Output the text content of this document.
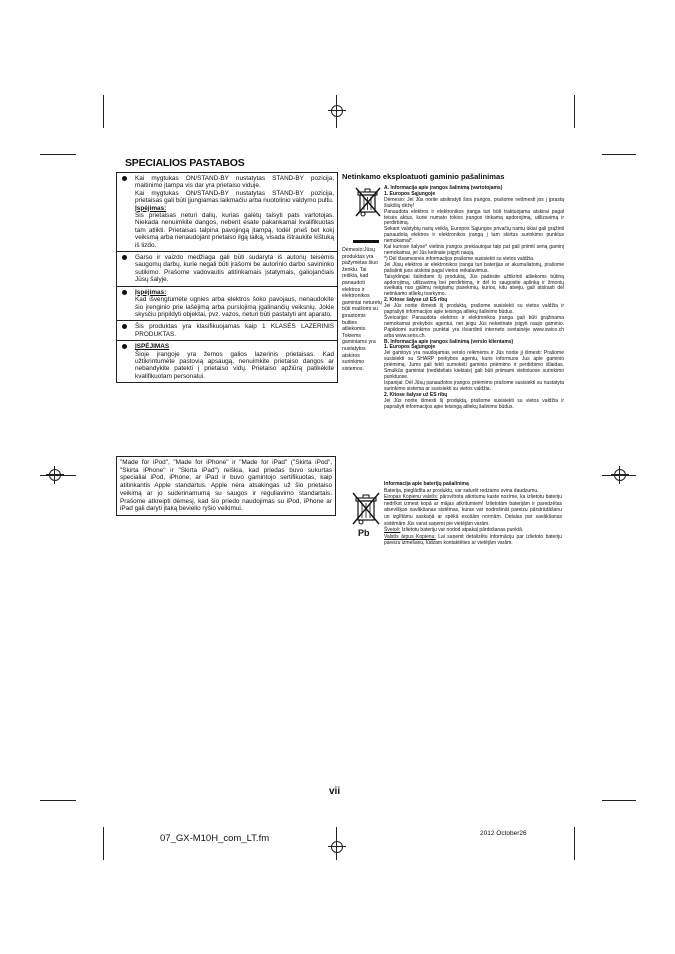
SPECIALIOS PASTABOS

Kai mygtukas ON/STAND-BY nustatytas STAND-BY pozicija, maitinimo įtampa vis dar yra prietaiso viduje.

Kai mygtukas ON/STAND-BY nustatytas STAND-BY pozicija, prietaisas gali būti įjungiamas laikmačiu arba nuotolinio valdymo pultu.

Įspėjimas:

Šis prietaisas neturi dalių, kurias galėtų taisyti pats vartotojas. Niekada nenuimkite dangos, nebent esate pakankamai kvalifikuotas tam atlikti. Prietaisas talpina pavojingą įtampą, todėl prieš bet kokį veiksmą arba nenaudojant prietaiso ilgą laiką, visada ištraukite kištuką iš lizdo.

Garso ir vaizdo medžiaga gali būti sudaryta iš autorių teisėmis saugomų darbų, kurie negali būti įrašomi be autorinio darbo savininko sutikimo. Prašome vadovautis atitinkamais įstatymais, galiojančiais Jūsų šalyje.

Įspėjimas:

Kad išvengtumėte ugnies arba elektros šoko pavojaus, nenaudokite šio įrenginio prie lašėjimą arba purslojimą įgalinančių veiksnių. Jokie skysčiu pripildyti objektai, pvz. vazos, neturi būti pastatyti ant aparato.

Šis produktas yra klasifikuojamas kaip 1 KLASĖS LAZERINIS PRODUKTAS.

ĮSPĖJIMAS

Šioje įrangoje yra žemos galios lazerinis prietaisas. Kad užtikrintumėte pastovią apsaugą, nenuimkite prietaiso dangos ar nebandykite patekti į prietaiso vidų. Prietaiso apžiūrą patikėkite kvalifikuotam personalui.

"Made for iPod", "Made for iPhone" ir "Made for iPad" ("Skirta iPod", "Skirta iPhone" ir "Skirta iPad") reiškia, kad priedas buvo sukurtas specialiai iPod, iPhone, ar iPad ir buvo gamintojo sertifikuotas, kaip atitinkantis Apple standartus. Apple nėra atsakingas už šio prietaiso veikimą ar jo suderinamumą su saugos ir reguliavimo standartais. Prašome atkreipti dėmesį, kad šio priedo naudojimas su iPod, iPhone ar iPad gali daryti įtaką bevielio ryšio veikimui.
Netinkamo eksploatuoti gaminio pašalinimas
Dėmesio:Jūsų produktas yra pažymėtas šiuo ženklu. Tai reiškia, kad panaudoti elektros ir elektronikos gaminiai neturėtų būti maišomi su įprastomis buities atliekomis. Tokiems gaminiams yra nustatytos atskiros surinkimo sistemos.

A. Informacija apie įrangos šalinimą (vartotojams)

1. Europos Sąjungoje

Dėmesio: Jei Jūs norite atsikratyti šios įrangos, prašome nešmesti jos į įprastą šiukšlių dėžę!

Panaudota elektros ir elektronikos įranga turi būti traktuojama atskirai pagal teisės aktus, kurie numato tokios įrangos tinkamą apdorojimą, utilizavimą ir perdirbimą.

Sekant valstybių narių veiklą, Europos Sąjungos privačių namų ūkiai gali grąžinti panaudotą elektros ir elektronikos įrangą į tam skirtus surinkimo punktus nemokamai*.

Kai kuriosė šalyse* vietinis įrangos prekiautojas taip pat gali priimti seną gaminį nemokamai, jei Jūs ketinate įsigyti naują.

*) Dėl išsamesnės informacijos prašome susisiekti su vietos valdžia.

Jei Jūsų elektros ar elektronikos įranga turi baterijas ar akumuliatorių, prašome pašalinti juos atskirai pagal vietos reikalavimus.

Taisyklingai šalindami šį produktą, Jūs padėsite užtikrinti atliekoms būtiną apdorojimą, utilizavimą bei perdirbimą, ir dėl to saugosite aplinką ir žmonių sveikatą nuo galimų neigiamų pasekmių, kurios, kitu atveju, gali atsirasti dėl netinkamo atliekų tvarkymo.

2. Kitose šalyse už ES ribų

Jei Jūs norite išmesti šį produktą, prašome susisiekti su vietos valdžia ir paprašyti informacijos apie teisingą atliekų šalinimo būdus.

Šveicarijai: Panaudota elektros ir elektronikos įranga gali būti grąžinama nemokamai prekybos agentui, net jeigu Jūs nekeitnate įsigyti naujo gaminio. Papildomi surinkimo punktai yra išvardinti interneto svetainėje www.swico.ch arba www.sens.ch.

B. Informacija apie įrangos šalinimą (verslo klientams)

1. Europos Sąjungoje

Jei gaminys yra naudojamas verslo reikmėms ir Jūs norite jį išmesti: Prašome susisiekti su SHARP prekybos agentu, kuris informuos Jus apie gaminio priėmimą. Jums gali tekti sumokėti gaminio priėmimo ir perdirbimo išlaidas. Smulkūs gaminiai (nedideliais kiekiais) gali būti priimami vietiniuose surinkimo punktuose.

Ispanijai: Dėl Jūsų panaudotos įrangos priėmimo prašome susisiekti su nustatyta surinkimo sistema ar susisiekti su vietos valdžia.

2. Kitose šalyse už ES ribų

Jei Jūs norite išmesti šį produktą, prašome susisiekti su vietos valdžia ir paprašyti informacijos apie teisingą atliekų šalinimo būdus.

Pb

Informacija apie baterijų pašalinimą

Baterija, pieglādīta ar produktu, var saturēt redzamo svina daudzumu.

Eiropas Kopienu valstīs: pārsvītrota atkritumu kaste nozīme, ka izlietotu bateriju nedrīkst izmest kopā ar mājas atkritumiem! Izlietotām baterijām ir paredzētas atsevišķas savākšanas sistēmas, kuras var nodrošināt pareizu pārstrādāšanu un izglītāmu saskaņā ar spēkā esošām normām. Detalas par savākšanas sistēmām Jūs varat saņemt pie vietējām varām.

Šveicē: Izlietotu bateriju var nodod atpakaļ pārdošanas punktā.

Valstīs ārpus Kopienu: Lai saņemt detalizētu informāciju par izlietoto bateriju pareizu izmešanu, lūdzam kontaktēties ar vietējām varām.

vii
07_GX-M10H_com_LT.fm	2012 October26
